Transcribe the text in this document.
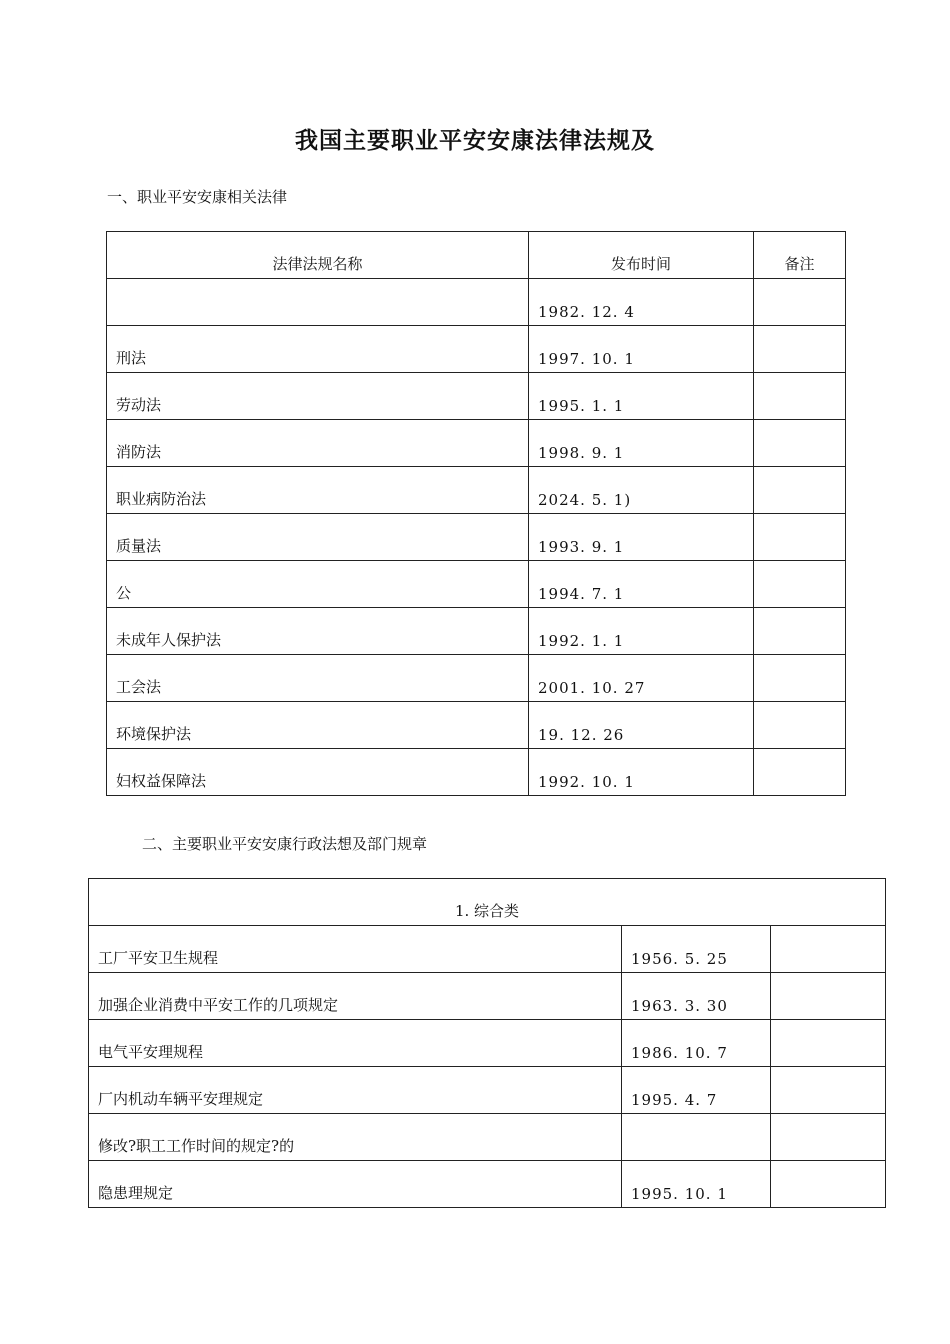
我国主要职业平安安康法律法规及
一、职业平安安康相关法律
法律法规名称	发布时间	备注
	1982. 12. 4	
刑法	1997. 10. 1	
劳动法	1995. 1. 1	
消防法	1998. 9. 1	
职业病防治法	2024. 5. 1)	
质量法	1993. 9. 1	
公	1994. 7. 1	
未成年人保护法	1992. 1. 1	
工会法	2001. 10. 27	
环境保护法	19. 12. 26	
妇权益保障法	1992. 10. 1	
二、主要职业平安安康行政法想及部门规章
1. 综合类		
工厂平安卫生规程	1956. 5. 25	
加强企业消费中平安工作的几项规定	1963. 3. 30	
电气平安理规程	1986. 10. 7	
厂内机动车辆平安理规定	1995. 4. 7	
修改?职工工作时间的规定?的		
隐患理规定	1995. 10. 1	
